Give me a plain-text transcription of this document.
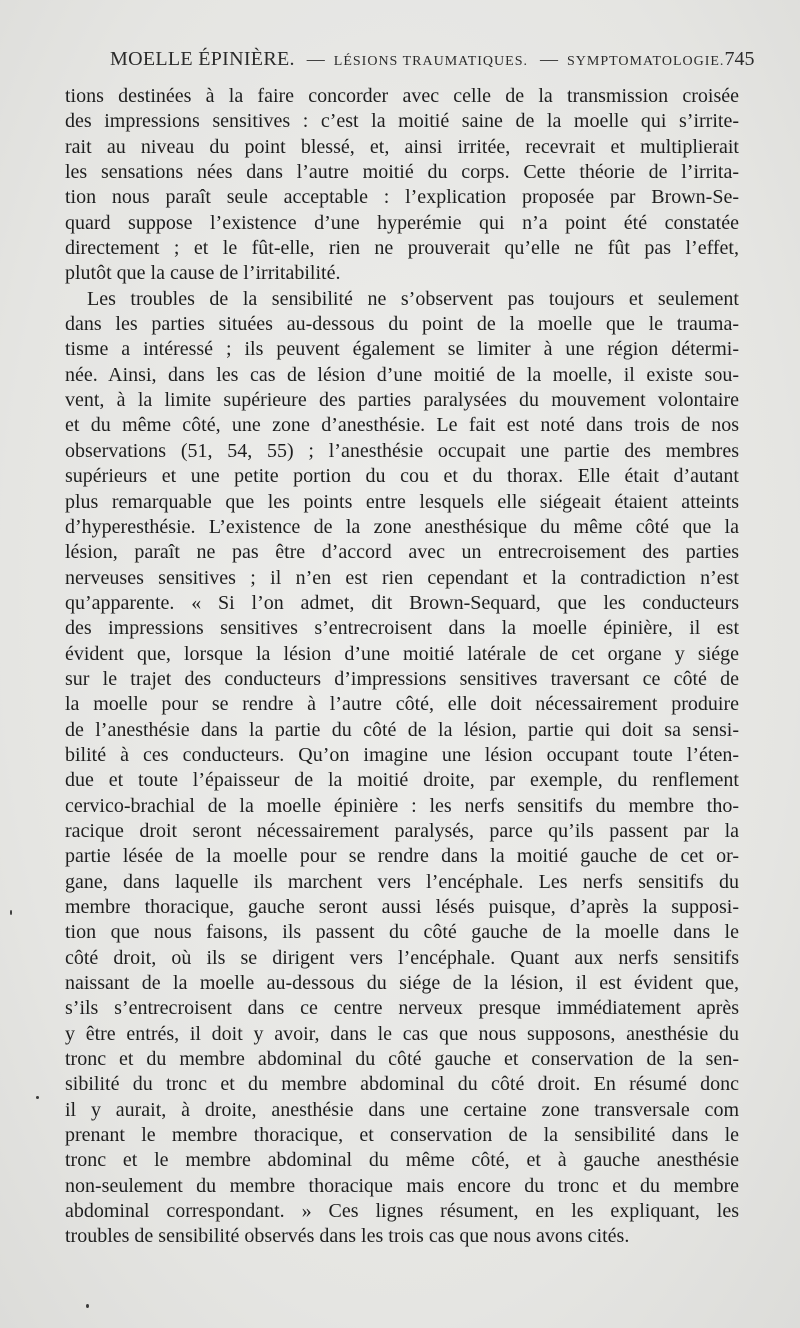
MOELLE ÉPINIÈRE. — LÉSIONS TRAUMATIQUES. — SYMPTOMATOLOGIE. 745
tions destinées à la faire concorder avec celle de la transmission croisée
des impressions sensitives : c’est la moitié saine de la moelle qui s’irrite-
rait au niveau du point blessé, et, ainsi irritée, recevrait et multiplierait
les sensations nées dans l’autre moitié du corps. Cette théorie de l’irrita-
tion nous paraît seule acceptable : l’explication proposée par Brown-Se-
quard suppose l’existence d’une hyperémie qui n’a point été constatée
directement ; et le fût-elle, rien ne prouverait qu’elle ne fût pas l’effet,
plutôt que la cause de l’irritabilité.
Les troubles de la sensibilité ne s’observent pas toujours et seulement
dans les parties situées au-dessous du point de la moelle que le trauma-
tisme a intéressé ; ils peuvent également se limiter à une région détermi-
née. Ainsi, dans les cas de lésion d’une moitié de la moelle, il existe sou-
vent, à la limite supérieure des parties paralysées du mouvement volontaire
et du même côté, une zone d’anesthésie. Le fait est noté dans trois de nos
observations (51, 54, 55) ; l’anesthésie occupait une partie des membres
supérieurs et une petite portion du cou et du thorax. Elle était d’autant
plus remarquable que les points entre lesquels elle siégeait étaient atteints
d’hyperesthésie. L’existence de la zone anesthésique du même côté que la
lésion, paraît ne pas être d’accord avec un entrecroisement des parties
nerveuses sensitives ; il n’en est rien cependant et la contradiction n’est
qu’apparente. « Si l’on admet, dit Brown-Sequard, que les conducteurs
des impressions sensitives s’entrecroisent dans la moelle épinière, il est
évident que, lorsque la lésion d’une moitié latérale de cet organe y siége
sur le trajet des conducteurs d’impressions sensitives traversant ce côté de
la moelle pour se rendre à l’autre côté, elle doit nécessairement produire
de l’anesthésie dans la partie du côté de la lésion, partie qui doit sa sensi-
bilité à ces conducteurs. Qu’on imagine une lésion occupant toute l’éten-
due et toute l’épaisseur de la moitié droite, par exemple, du renflement
cervico-brachial de la moelle épinière : les nerfs sensitifs du membre tho-
racique droit seront nécessairement paralysés, parce qu’ils passent par la
partie lésée de la moelle pour se rendre dans la moitié gauche de cet or-
gane, dans laquelle ils marchent vers l’encéphale. Les nerfs sensitifs du
membre thoracique, gauche seront aussi lésés puisque, d’après la supposi-
tion que nous faisons, ils passent du côté gauche de la moelle dans le
côté droit, où ils se dirigent vers l’encéphale. Quant aux nerfs sensitifs
naissant de la moelle au-dessous du siége de la lésion, il est évident que,
s’ils s’entrecroisent dans ce centre nerveux presque immédiatement après
y être entrés, il doit y avoir, dans le cas que nous supposons, anesthésie du
tronc et du membre abdominal du côté gauche et conservation de la sen-
sibilité du tronc et du membre abdominal du côté droit. En résumé donc
il y aurait, à droite, anesthésie dans une certaine zone transversale com
prenant le membre thoracique, et conservation de la sensibilité dans le
tronc et le membre abdominal du même côté, et à gauche anesthésie
non-seulement du membre thoracique mais encore du tronc et du membre
abdominal correspondant. » Ces lignes résument, en les expliquant, les
troubles de sensibilité observés dans les trois cas que nous avons cités.
